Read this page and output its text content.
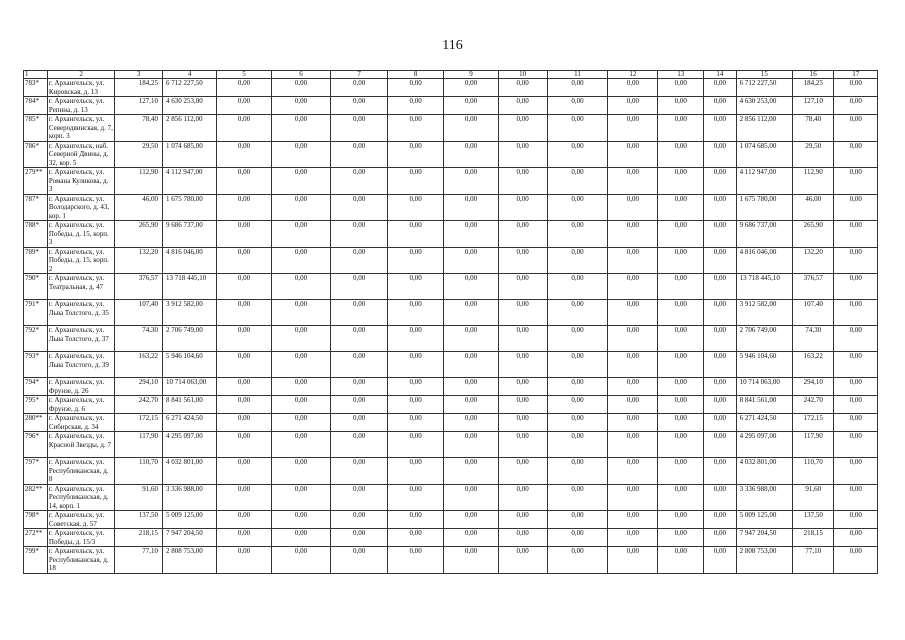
116
1	2	3	4	5	6	7	8	9	10	11	12	13	14	15	16	17
783*	г. Архангельск, ул. Кировская, д. 13	184,25	6 712 227,50	0,00	0,00	0,00	0,00	0,00	0,00	0,00	0,00	0,00	0,00	6 712 227,50	184,25	0,00
784*	г. Архангельск, ул. Репина, д. 13	127,10	4 630 253,00	0,00	0,00	0,00	0,00	0,00	0,00	0,00	0,00	0,00	0,00	4 630 253,00	127,10	0,00
785*	г. Архангельск, ул. Северодвинская, д. 7, корп. 3	78,40	2 856 112,00	0,00	0,00	0,00	0,00	0,00	0,00	0,00	0,00	0,00	0,00	2 856 112,00	78,40	0,00
786*	г. Архангельск, наб. Северной Двины, д. 32, кор. 5	29,50	1 074 685,00	0,00	0,00	0,00	0,00	0,00	0,00	0,00	0,00	0,00	0,00	1 074 685,00	29,50	0,00
279**	г. Архангельск, ул. Романа Куликова, д. 3	112,90	4 112 947,00	0,00	0,00	0,00	0,00	0,00	0,00	0,00	0,00	0,00	0,00	4 112 947,00	112,90	0,00
787*	г. Архангельск, ул. Володарского, д. 43, кор. 1	46,00	1 675 780,00	0,00	0,00	0,00	0,00	0,00	0,00	0,00	0,00	0,00	0,00	1 675 780,00	46,00	0,00
788*	г. Архангельск, ул. Победы, д. 15, корп. 3	265,90	9 686 737,00	0,00	0,00	0,00	0,00	0,00	0,00	0,00	0,00	0,00	0,00	9 686 737,00	265,90	0,00
789*	г. Архангельск, ул. Победы, д. 15, корп. 2	132,20	4 816 046,00	0,00	0,00	0,00	0,00	0,00	0,00	0,00	0,00	0,00	0,00	4 816 046,00	132,20	0,00
790*	г. Архангельск, ул. Театральная, д. 47	376,57	13 718 445,10	0,00	0,00	0,00	0,00	0,00	0,00	0,00	0,00	0,00	0,00	13 718 445,10	376,57	0,00
791*	г. Архангельск, ул. Льва Толстого, д. 35	107,40	3 912 582,00	0,00	0,00	0,00	0,00	0,00	0,00	0,00	0,00	0,00	0,00	3 912 582,00	107,40	0,00
792*	г. Архангельск, ул. Льва Толстого, д. 37	74,30	2 706 749,00	0,00	0,00	0,00	0,00	0,00	0,00	0,00	0,00	0,00	0,00	2 706 749,00	74,30	0,00
793*	г. Архангельск, ул. Льва Толстого, д. 39	163,22	5 946 104,60	0,00	0,00	0,00	0,00	0,00	0,00	0,00	0,00	0,00	0,00	5 946 104,60	163,22	0,00
794*	г. Архангельск, ул. Фрунзе, д. 26	294,10	10 714 063,00	0,00	0,00	0,00	0,00	0,00	0,00	0,00	0,00	0,00	0,00	10 714 063,00	294,10	0,00
795*	г. Архангельск, ул. Фрунзе, д. 6	242,70	8 841 561,00	0,00	0,00	0,00	0,00	0,00	0,00	0,00	0,00	0,00	0,00	8 841 561,00	242,70	0,00
280**	г. Архангельск, ул. Сибирская, д. 34	172,15	6 271 424,50	0,00	0,00	0,00	0,00	0,00	0,00	0,00	0,00	0,00	0,00	6 271 424,50	172,15	0,00
796*	г. Архангельск, ул. Красной Звезды, д. 7	117,90	4 295 097,00	0,00	0,00	0,00	0,00	0,00	0,00	0,00	0,00	0,00	0,00	4 295 097,00	117,90	0,00
797*	г. Архангельск, ул. Республиканская, д. 8	110,70	4 032 801,00	0,00	0,00	0,00	0,00	0,00	0,00	0,00	0,00	0,00	0,00	4 032 801,00	110,70	0,00
282**	г. Архангельск, ул. Республиканская, д. 14, корп. 1	91,60	3 336 988,00	0,00	0,00	0,00	0,00	0,00	0,00	0,00	0,00	0,00	0,00	3 336 988,00	91,60	0,00
798*	г. Архангельск, ул. Советская, д. 57	137,50	5 009 125,00	0,00	0,00	0,00	0,00	0,00	0,00	0,00	0,00	0,00	0,00	5 009 125,00	137,50	0,00
272**	г. Архангельск, ул. Победы, д. 15/3	218,15	7 947 204,50	0,00	0,00	0,00	0,00	0,00	0,00	0,00	0,00	0,00	0,00	7 947 204,50	218,15	0,00
799*	г. Архангельск, ул. Республиканская, д. 18	77,10	2 808 753,00	0,00	0,00	0,00	0,00	0,00	0,00	0,00	0,00	0,00	0,00	2 808 753,00	77,10	0,00
